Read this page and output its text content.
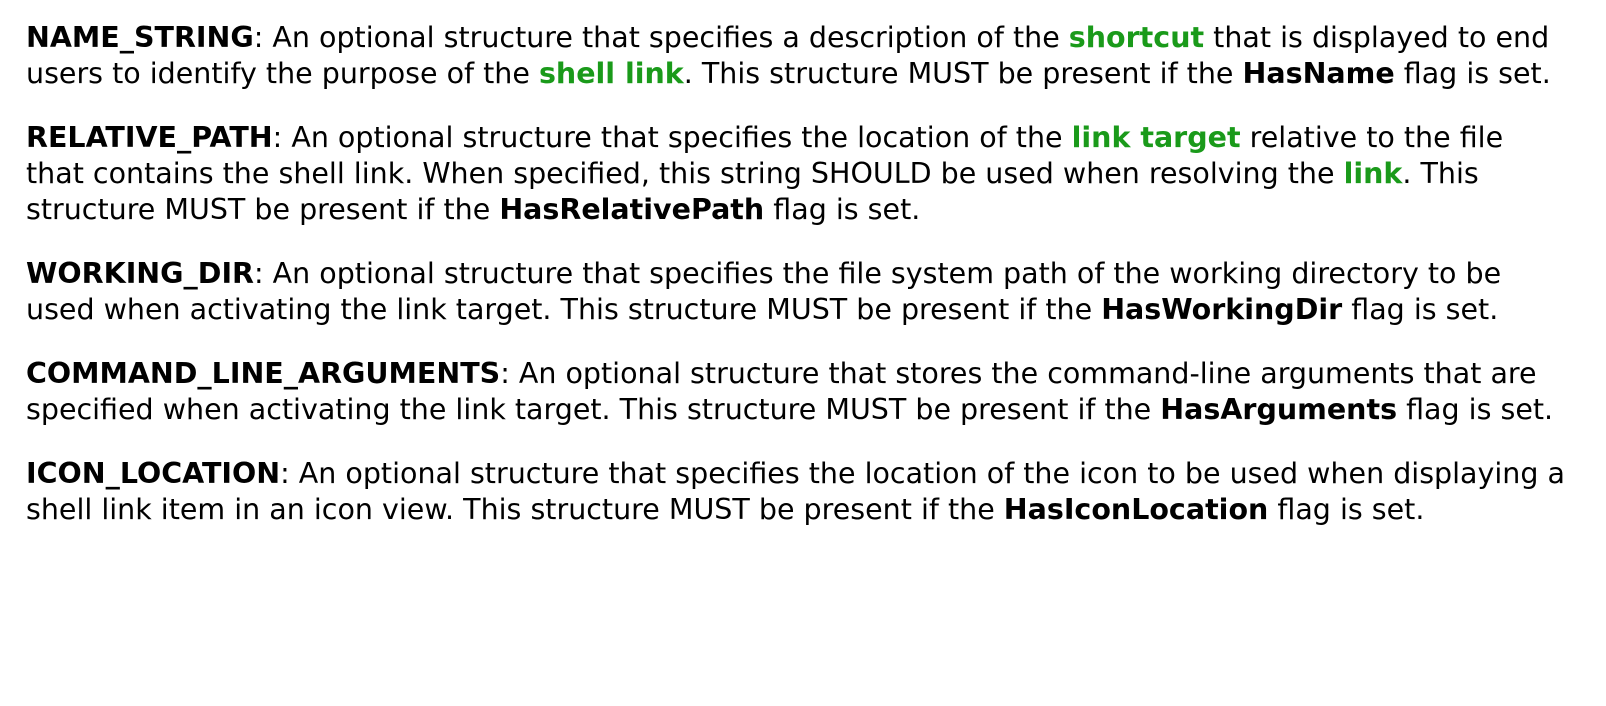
NAME_STRING: An optional structure that specifies a description of the shortcut that is displayed to end users to identify the purpose of the shell link. This structure MUST be present if the HasName flag is set.

RELATIVE_PATH: An optional structure that specifies the location of the link target relative to the file that contains the shell link. When specified, this string SHOULD be used when resolving the link. This structure MUST be present if the HasRelativePath flag is set.

WORKING_DIR: An optional structure that specifies the file system path of the working directory to be used when activating the link target. This structure MUST be present if the HasWorkingDir flag is set.

COMMAND_LINE_ARGUMENTS: An optional structure that stores the command-line arguments that are specified when activating the link target. This structure MUST be present if the HasArguments flag is set.

ICON_LOCATION: An optional structure that specifies the location of the icon to be used when displaying a shell link item in an icon view. This structure MUST be present if the HasIconLocation flag is set.
